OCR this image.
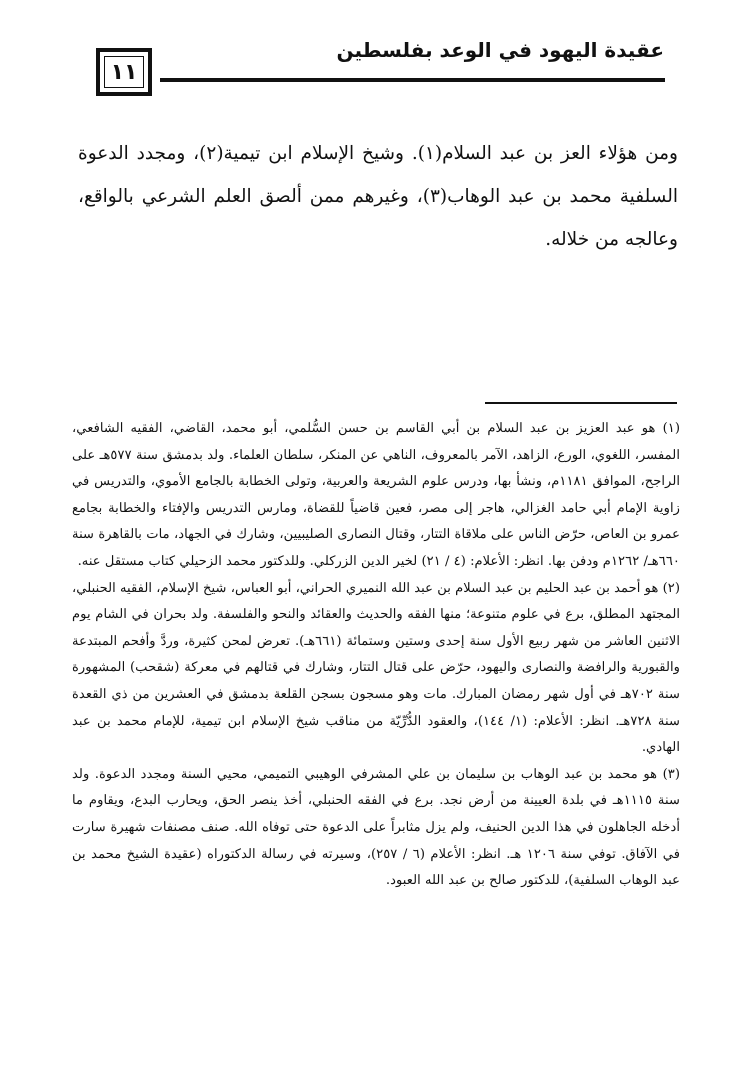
عقيدة اليهود في الوعد بفلسطين
١١

ومن هؤلاء العز بن عبد السلام(١). وشيخ الإسلام ابن تيمية(٢)، ومجدد الدعوة السلفية محمد بن عبد الوهاب(٣)، وغيرهم ممن ألصق العلم الشرعي بالواقع، وعالجه من خلاله.

(١) هو عبد العزيز بن عبد السلام بن أبي القاسم بن حسن السُّلمي، أبو محمد، القاضي، الفقيه الشافعي، المفسر، اللغوي، الورع، الزاهد، الآمر بالمعروف، الناهي عن المنكر، سلطان العلماء. ولد بدمشق سنة ٥٧٧هـ على الراجح، الموافق ١١٨١م، ونشأ بها، ودرس علوم الشريعة والعربية، وتولى الخطابة بالجامع الأموي، والتدريس في زاوية الإمام أبي حامد الغزالي، هاجر إلى مصر، فعين قاضياً للقضاة، ومارس التدريس والإفتاء والخطابة بجامع عمرو بن العاص، حرّض الناس على ملاقاة التتار، وقتال النصارى الصليبيين، وشارك في الجهاد، مات بالقاهرة سنة ٦٦٠هـ/ ١٢٦٢م ودفن بها. انظر: الأعلام: (٤ / ٢١) لخير الدين الزركلي. وللدكتور محمد الزحيلي كتاب مستقل عنه.

(٢) هو أحمد بن عبد الحليم بن عبد السلام بن عبد الله النميري الحراني، أبو العباس، شيخ الإسلام، الفقيه الحنبلي، المجتهد المطلق، برع في علوم متنوعة؛ منها الفقه والحديث والعقائد والنحو والفلسفة. ولد بحران في الشام يوم الاثنين العاشر من شهر ربيع الأول سنة إحدى وستين وستمائة (٦٦١هـ). تعرض لمحن كثيرة، وردَّ وأفحم المبتدعة والقبورية والرافضة والنصارى واليهود، حرّض على قتال التتار، وشارك في قتالهم في معركة (شقحب) المشهورة سنة ٧٠٢هـ في أول شهر رمضان المبارك. مات وهو مسجون بسجن القلعة بدمشق في العشرين من ذي القعدة سنة ٧٢٨هـ. انظر: الأعلام: (١/ ١٤٤)، والعقود الدُّرِّيّة من مناقب شيخ الإسلام ابن تيمية، للإمام محمد بن عبد الهادي.

(٣) هو محمد بن عبد الوهاب بن سليمان بن علي المشرفي الوهيبي التميمي، محيي السنة ومجدد الدعوة. ولد سنة ١١١٥هـ في بلدة العيينة من أرض نجد. برع في الفقه الحنبلي، أخذ ينصر الحق، ويحارب البدع، ويقاوم ما أدخله الجاهلون في هذا الدين الحنيف، ولم يزل مثابراً على الدعوة حتى توفاه الله. صنف مصنفات شهيرة سارت في الآفاق. توفي سنة ١٢٠٦ هـ. انظر: الأعلام (٦ / ٢٥٧)، وسيرته في رسالة الدكتوراه (عقيدة الشيخ محمد بن عبد الوهاب السلفية)، للدكتور صالح بن عبد الله العبود.
